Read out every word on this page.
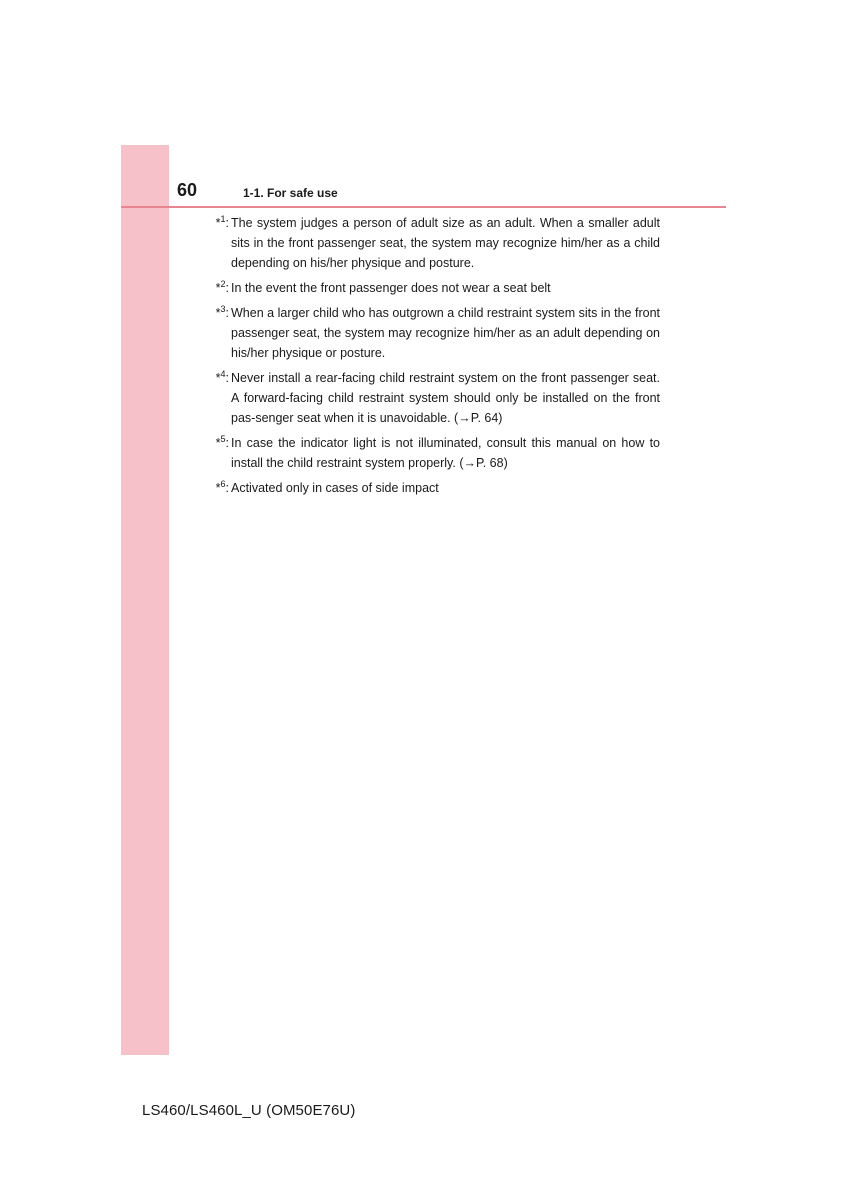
60	1-1. For safe use
*$^1$: The system judges a person of adult size as an adult. When a smaller adult sits in the front passenger seat, the system may recognize him/her as a child depending on his/her physique and posture.
*$^2$: In the event the front passenger does not wear a seat belt
*$^3$: When a larger child who has outgrown a child restraint system sits in the front passenger seat, the system may recognize him/her as an adult depending on his/her physique or posture.
*$^4$: Never install a rear-facing child restraint system on the front passenger seat. A forward-facing child restraint system should only be installed on the front pas-senger seat when it is unavoidable. (→P. 64)
*$^5$: In case the indicator light is not illuminated, consult this manual on how to install the child restraint system properly. (→P. 68)
*$^6$: Activated only in cases of side impact
LS460/LS460L_U (OM50E76U)
